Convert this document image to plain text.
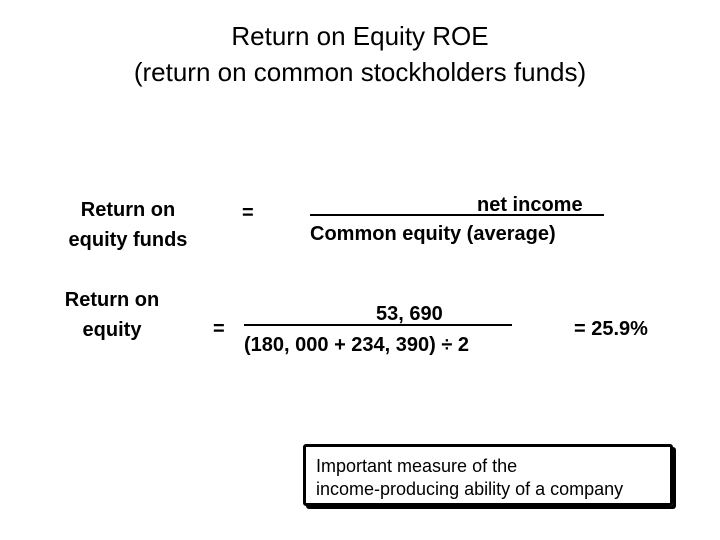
Return on Equity ROE
(return on common stockholders funds)
Return on
equity funds
=	net income
Common equity (average)
Return on
equity	=
53, 690
(180, 000 + 234, 390) ÷ 2
= 25.9%
Important measure of the
income-producing ability of a company
